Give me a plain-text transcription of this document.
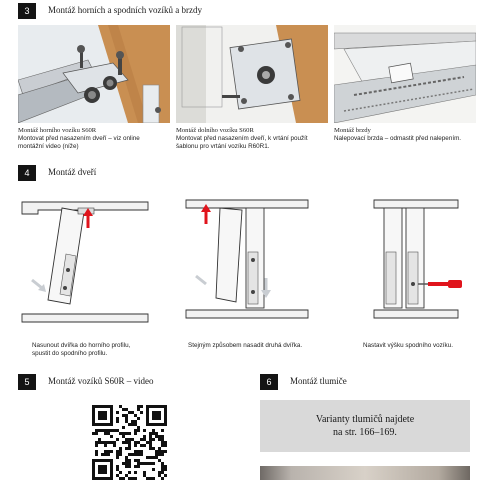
3	Montáž horních a spodních vozíků a brzdy
Montáž horního vozíku S60R
Montovat před nasazením dveří – viz online
montážní video (níže)
Montáž dolního vozíku S60R
Montovat před nasazením dveří, k vrtání použít
šablonu pro vrtání vozíku R60R1.
Montáž brzdy
Nalepovací brzda – odmastit před nalepením.
4	Montáž dveří
Nasunout dvířka do horního profilu,
spustit do spodního profilu.
Stejným způsobem nasadit druhá dvířka.	Nastavit výšku spodního vozíku.
5	Montáž vozíků S60R – video	6	Montáž tlumiče
Varianty tlumičů najdete
na str. 166–169.
